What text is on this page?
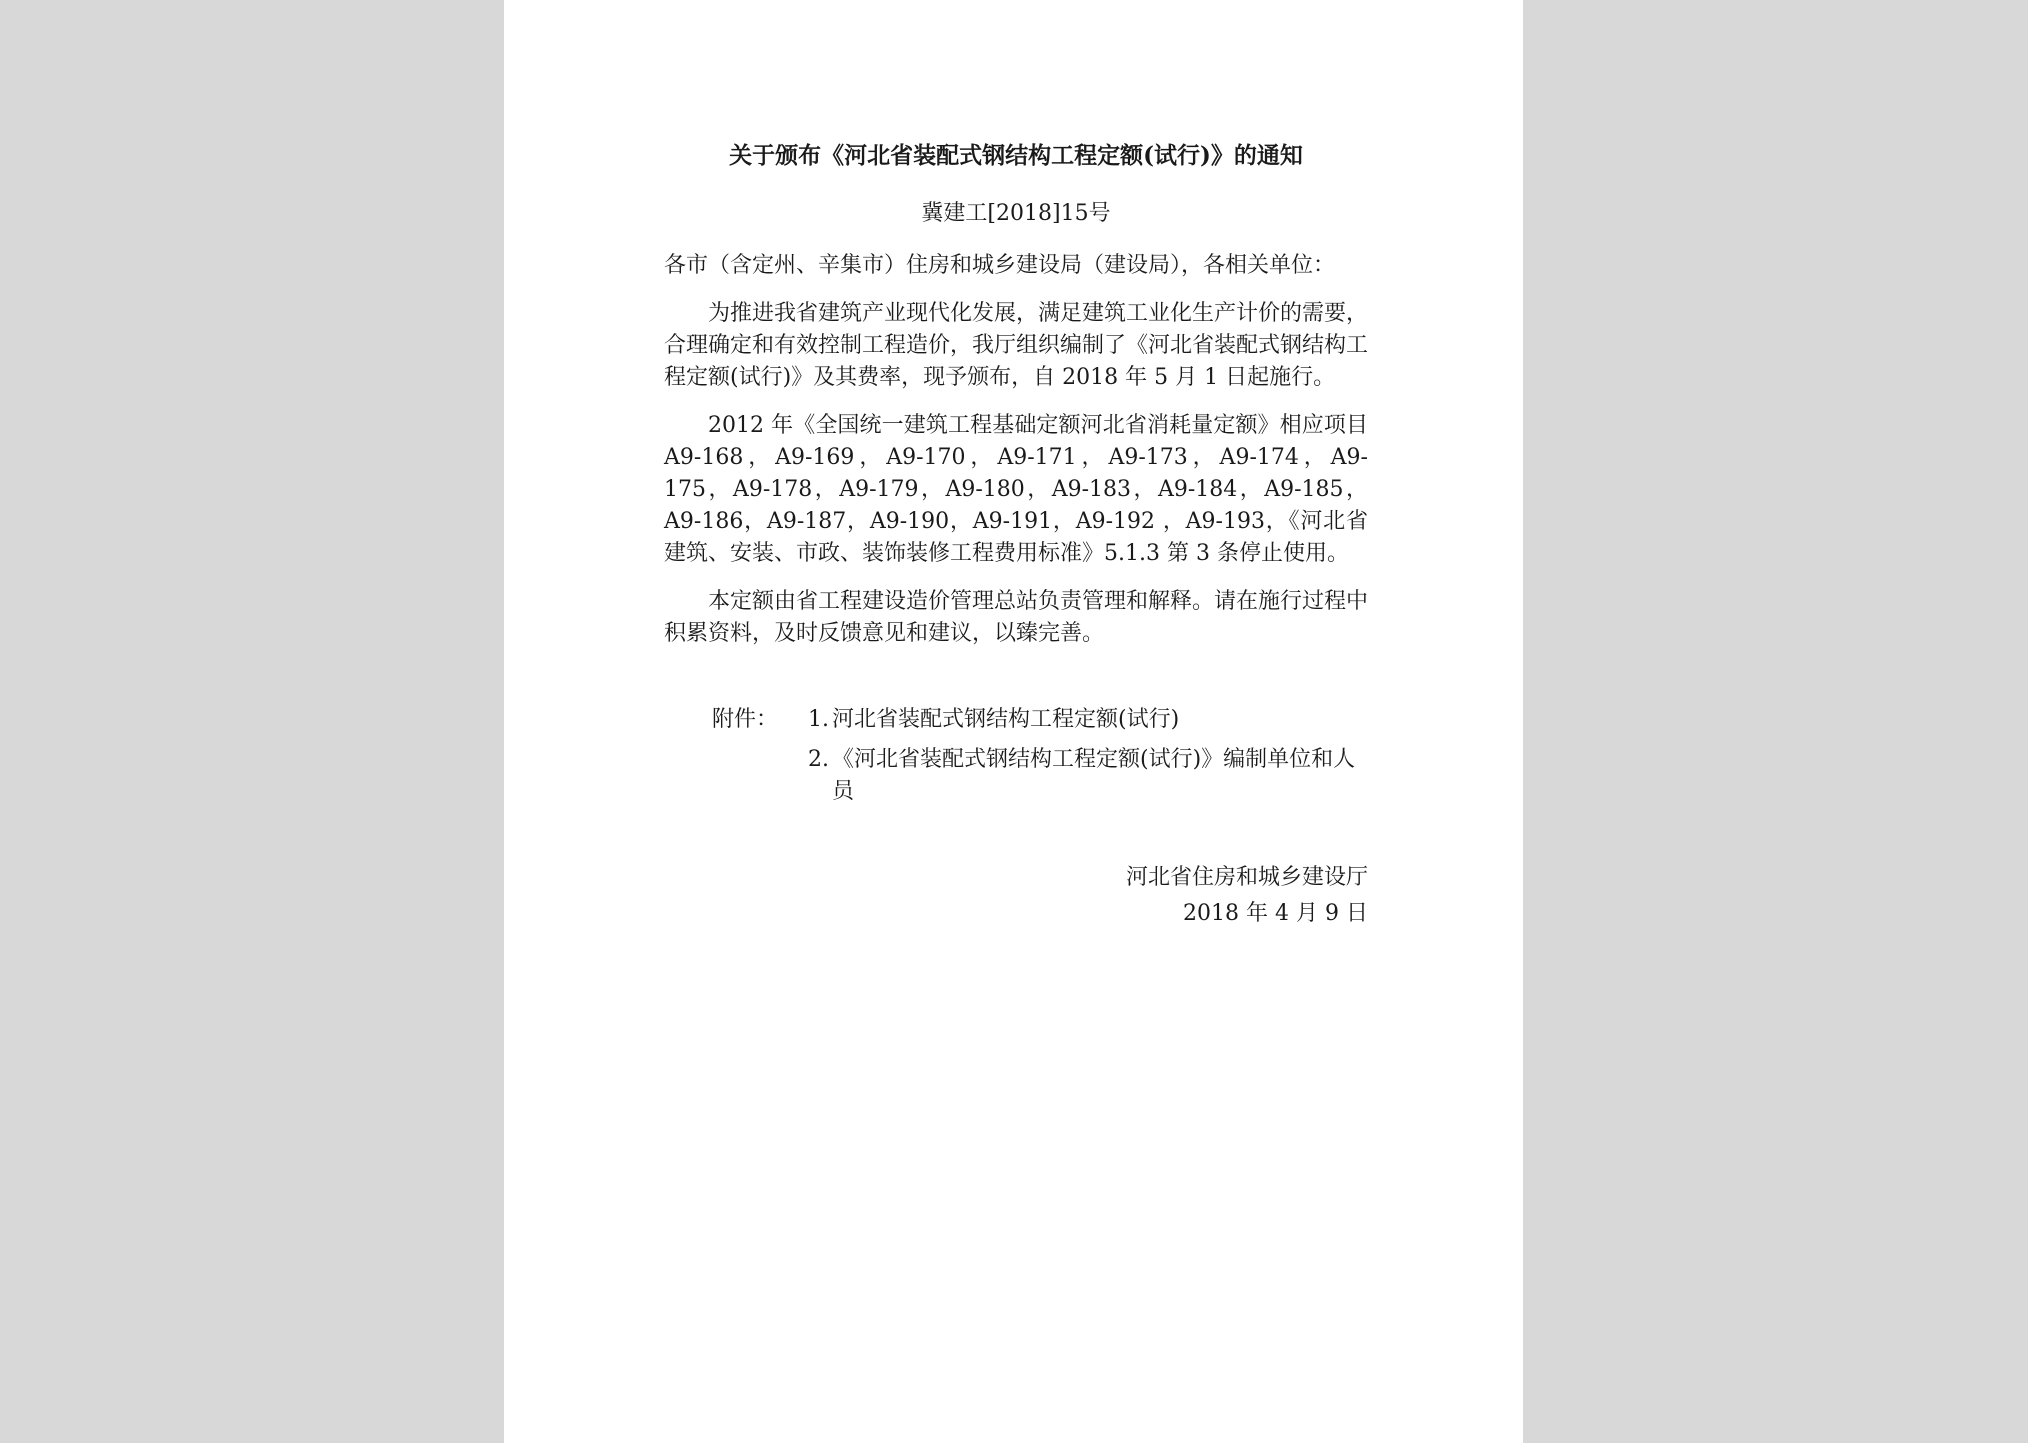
关于颁布《河北省装配式钢结构工程定额(试行)》的通知
冀建工[2018]15号
各市（含定州、辛集市）住房和城乡建设局（建设局），各相关单位：

为推进我省建筑产业现代化发展，满足建筑工业化生产计价的需要，合理确定和有效控制工程造价，我厅组织编制了《河北省装配式钢结构工程定额(试行)》及其费率，现予颁布，自 2018 年 5 月 1 日起施行。

2012 年《全国统一建筑工程基础定额河北省消耗量定额》相应项目 A9-168，A9-169，A9-170，A9-171，A9-173，A9-174，A9-175，A9-178，A9-179，A9-180，A9-183，A9-184，A9-185，A9-186，A9-187，A9-190，A9-191，A9-192 ，A9-193，《河北省建筑、安装、市政、装饰装修工程费用标准》5.1.3 第 3 条停止使用。

本定额由省工程建设造价管理总站负责管理和解释。请在施行过程中积累资料，及时反馈意见和建议，以臻完善。

附件：	1. 河北省装配式钢结构工程定额(试行)
2. 《河北省装配式钢结构工程定额(试行)》编制单位和人员
河北省住房和城乡建设厅
2018 年 4 月 9 日
